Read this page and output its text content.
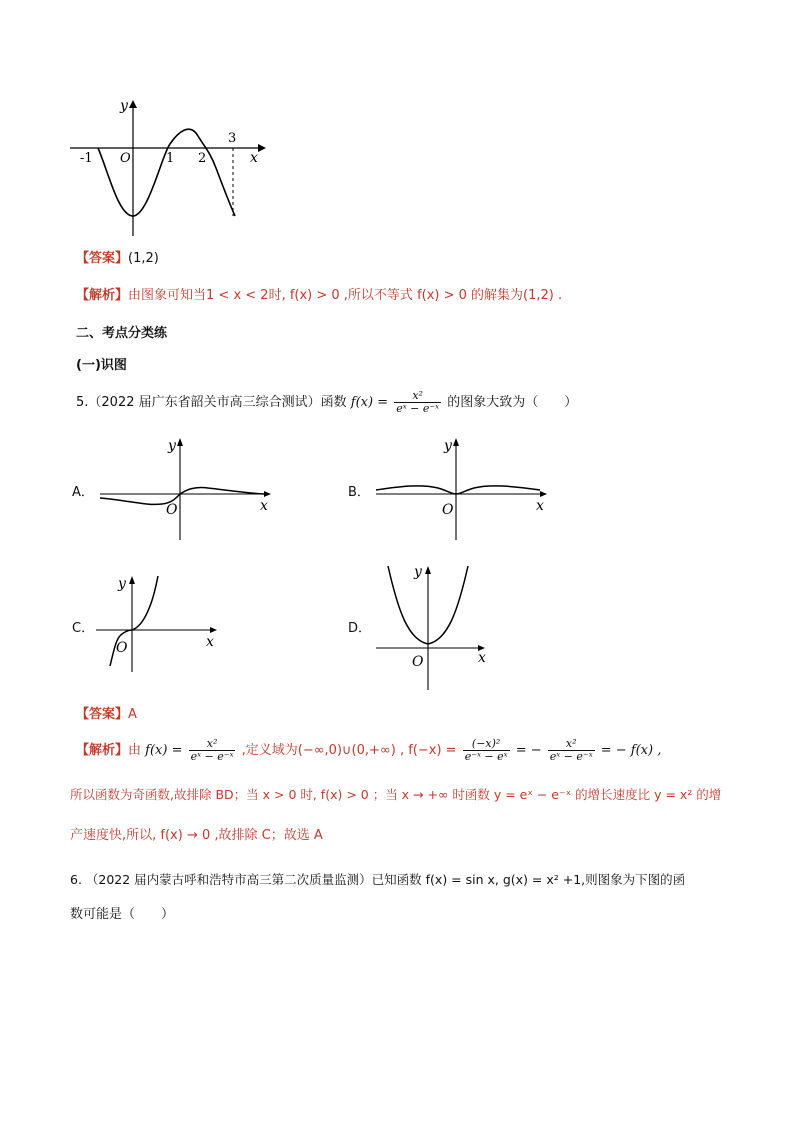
y
x
O
-1	1 2
3
【答案】(1,2)
【解析】由图象可知当1 < x < 2时, f(x) > 0 ,所以不等式 f(x) > 0 的解集为(1,2) .
二、考点分类练
(一)识图
5.（2022 届广东省韶关市高三综合测试）函数 $f(x) = \frac{\text{x²}}{\text{eˣ − e⁻ˣ}}$ 的图象大致为（　　）
A．
y
x
O
B．
y
x
O
C．
y
x
O
D．
y
x
O
【答案】A
【解析】由 $f(x) = \frac{\text{x²}}{\text{eˣ − e⁻ˣ}}$ ,定义域为(−∞,0)∪(0,+∞) , $f(-x) = \frac{\text{(−x)²}}{\text{e⁻ˣ − eˣ}}$ = − $\frac{\text{x²}}{\text{eˣ − e⁻ˣ}}$ = − f(x) ,
所以函数为奇函数,故排除 BD；当 x > 0 时, f(x) > 0 ；当 x → +∞ 时函数 y = eˣ − e⁻ˣ 的增长速度比 y = x² 的增
产速度快,所以, f(x) → 0 ,故排除 C；故选 A
6. （2022 届内蒙古呼和浩特市高三第二次质量监测）已知函数 f(x) = sin x, g(x) = x² +1,则图象为下图的函
数可能是（　　）
